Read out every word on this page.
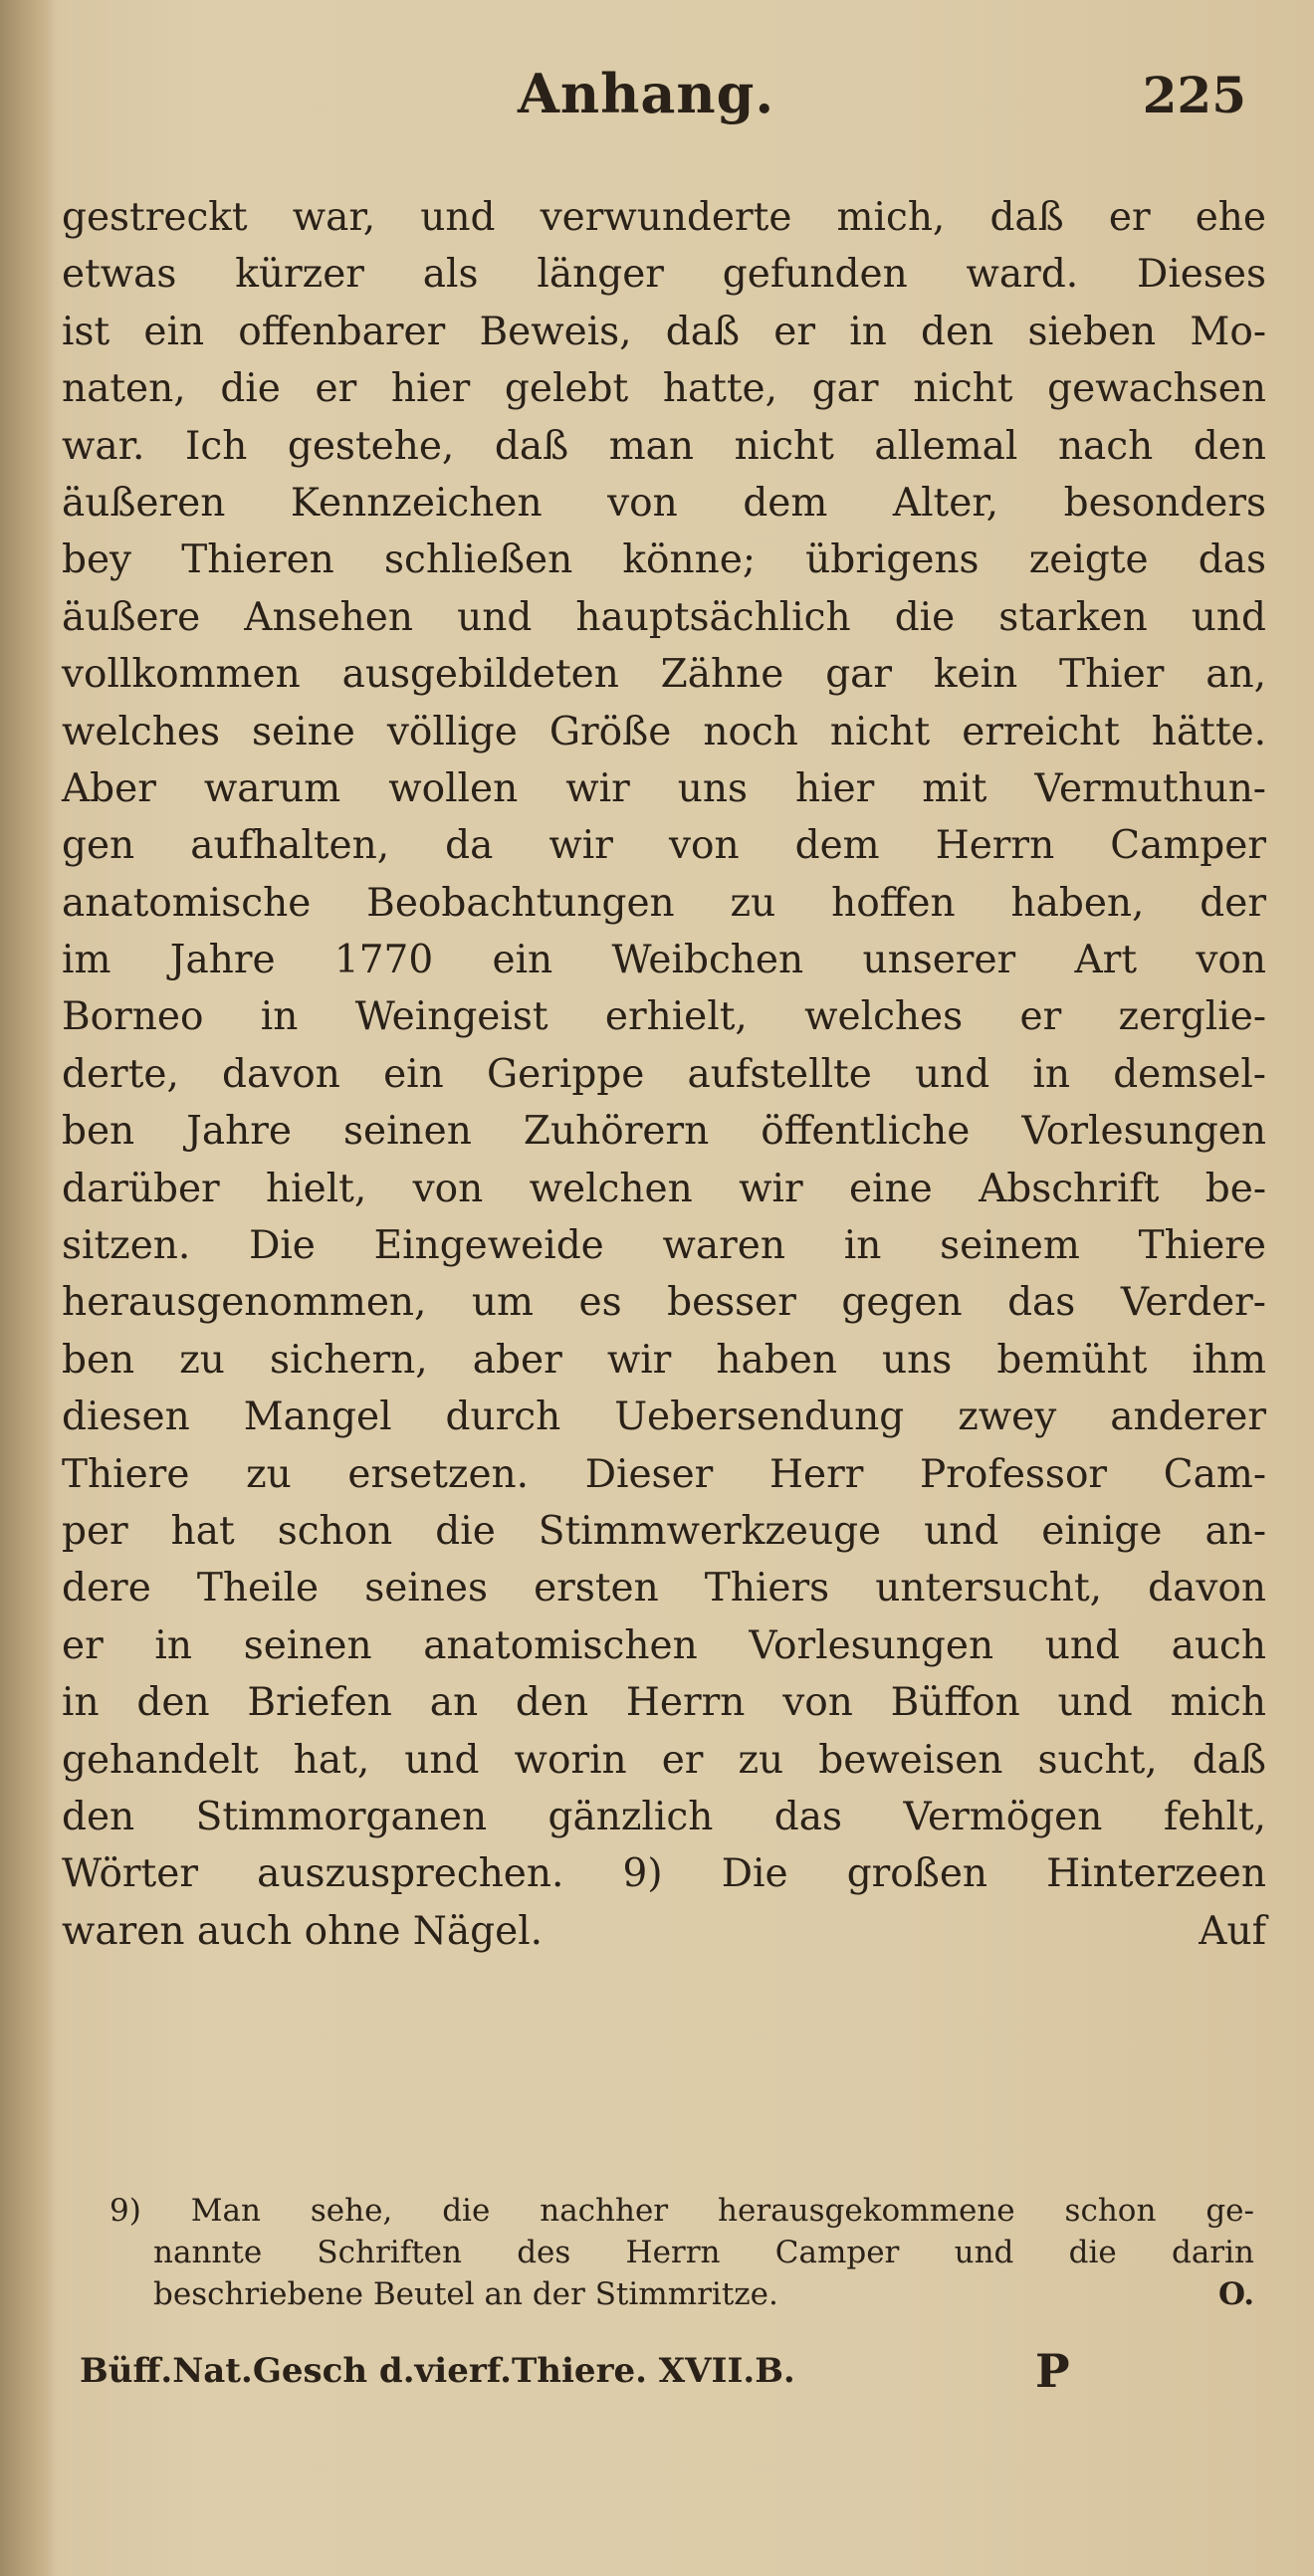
Anhang.	225
gestreckt war, und verwunderte mich, daß er ehe
etwas kürzer als länger gefunden ward. Dieses
ist ein offenbarer Beweis, daß er in den sieben Mo-
naten, die er hier gelebt hatte, gar nicht gewachsen
war. Ich gestehe, daß man nicht allemal nach den
äußeren Kennzeichen von dem Alter, besonders
bey Thieren schließen könne; übrigens zeigte das
äußere Ansehen und hauptsächlich die starken und
vollkommen ausgebildeten Zähne gar kein Thier an,
welches seine völlige Größe noch nicht erreicht hätte.
Aber warum wollen wir uns hier mit Vermuthun-
gen aufhalten, da wir von dem Herrn Camper
anatomische Beobachtungen zu hoffen haben, der
im Jahre 1770 ein Weibchen unserer Art von
Borneo in Weingeist erhielt, welches er zerglie-
derte, davon ein Gerippe aufstellte und in demsel-
ben Jahre seinen Zuhörern öffentliche Vorlesungen
darüber hielt, von welchen wir eine Abschrift be-
sitzen. Die Eingeweide waren in seinem Thiere
herausgenommen, um es besser gegen das Verder-
ben zu sichern, aber wir haben uns bemüht ihm
diesen Mangel durch Uebersendung zwey anderer
Thiere zu ersetzen. Dieser Herr Professor Cam-
per hat schon die Stimmwerkzeuge und einige an-
dere Theile seines ersten Thiers untersucht, davon
er in seinen anatomischen Vorlesungen und auch
in den Briefen an den Herrn von Büffon und mich
gehandelt hat, und worin er zu beweisen sucht, daß
den Stimmorganen gänzlich das Vermögen fehlt,
Wörter auszusprechen. 9) Die großen Hinterzeen
waren auch ohne Nägel.	Auf
9) Man sehe, die nachher herausgekommene schon ge-
nannte Schriften des Herrn Camper und die darin
beschriebene Beutel an der Stimmritze.	O.
Büff.Nat.Gesch d.vierf.Thiere. XVII.B.	P
